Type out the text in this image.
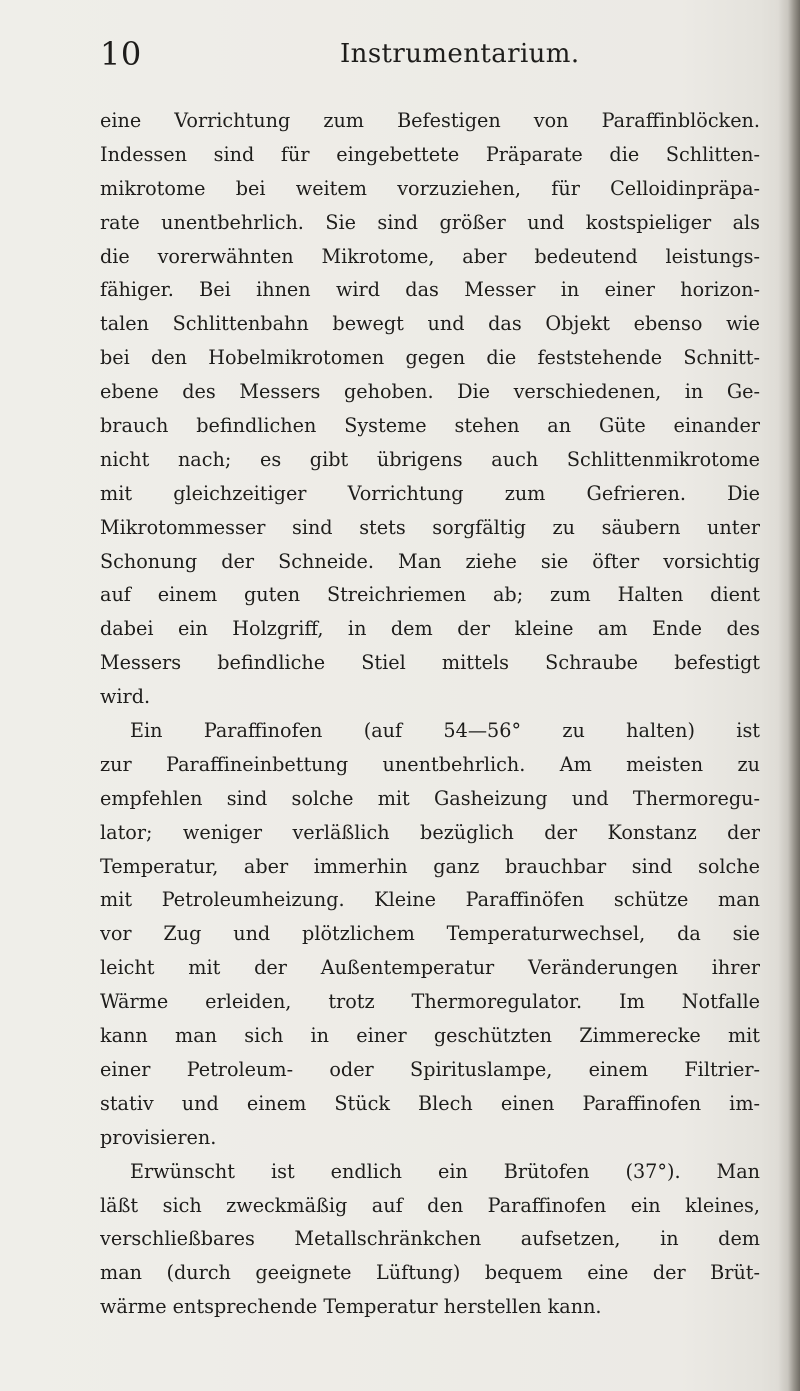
10	Instrumentarium.
eine Vorrichtung zum Befestigen von Paraffinblöcken.
Indessen sind für eingebettete Präparate die Schlitten-
mikrotome bei weitem vorzuziehen, für Celloidinpräpa-
rate unentbehrlich. Sie sind größer und kostspieliger als
die vorerwähnten Mikrotome, aber bedeutend leistungs-
fähiger. Bei ihnen wird das Messer in einer horizon-
talen Schlittenbahn bewegt und das Objekt ebenso wie
bei den Hobelmikrotomen gegen die feststehende Schnitt-
ebene des Messers gehoben. Die verschiedenen, in Ge-
brauch befindlichen Systeme stehen an Güte einander
nicht nach; es gibt übrigens auch Schlittenmikrotome
mit gleichzeitiger Vorrichtung zum Gefrieren. Die
Mikrotommesser sind stets sorgfältig zu säubern unter
Schonung der Schneide. Man ziehe sie öfter vorsichtig
auf einem guten Streichriemen ab; zum Halten dient
dabei ein Holzgriff, in dem der kleine am Ende des
Messers befindliche Stiel mittels Schraube befestigt
wird.
Ein Paraffinofen (auf 54—56° zu halten) ist
zur Paraffineinbettung unentbehrlich. Am meisten zu
empfehlen sind solche mit Gasheizung und Thermoregu-
lator; weniger verläßlich bezüglich der Konstanz der
Temperatur, aber immerhin ganz brauchbar sind solche
mit Petroleumheizung. Kleine Paraffinöfen schütze man
vor Zug und plötzlichem Temperaturwechsel, da sie
leicht mit der Außentemperatur Veränderungen ihrer
Wärme erleiden, trotz Thermoregulator. Im Notfalle
kann man sich in einer geschützten Zimmerecke mit
einer Petroleum- oder Spirituslampe, einem Filtrier-
stativ und einem Stück Blech einen Paraffinofen im-
provisieren.
Erwünscht ist endlich ein Brütofen (37°). Man
läßt sich zweckmäßig auf den Paraffinofen ein kleines,
verschließbares Metallschränkchen aufsetzen, in dem
man (durch geeignete Lüftung) bequem eine der Brüt-
wärme entsprechende Temperatur herstellen kann.
